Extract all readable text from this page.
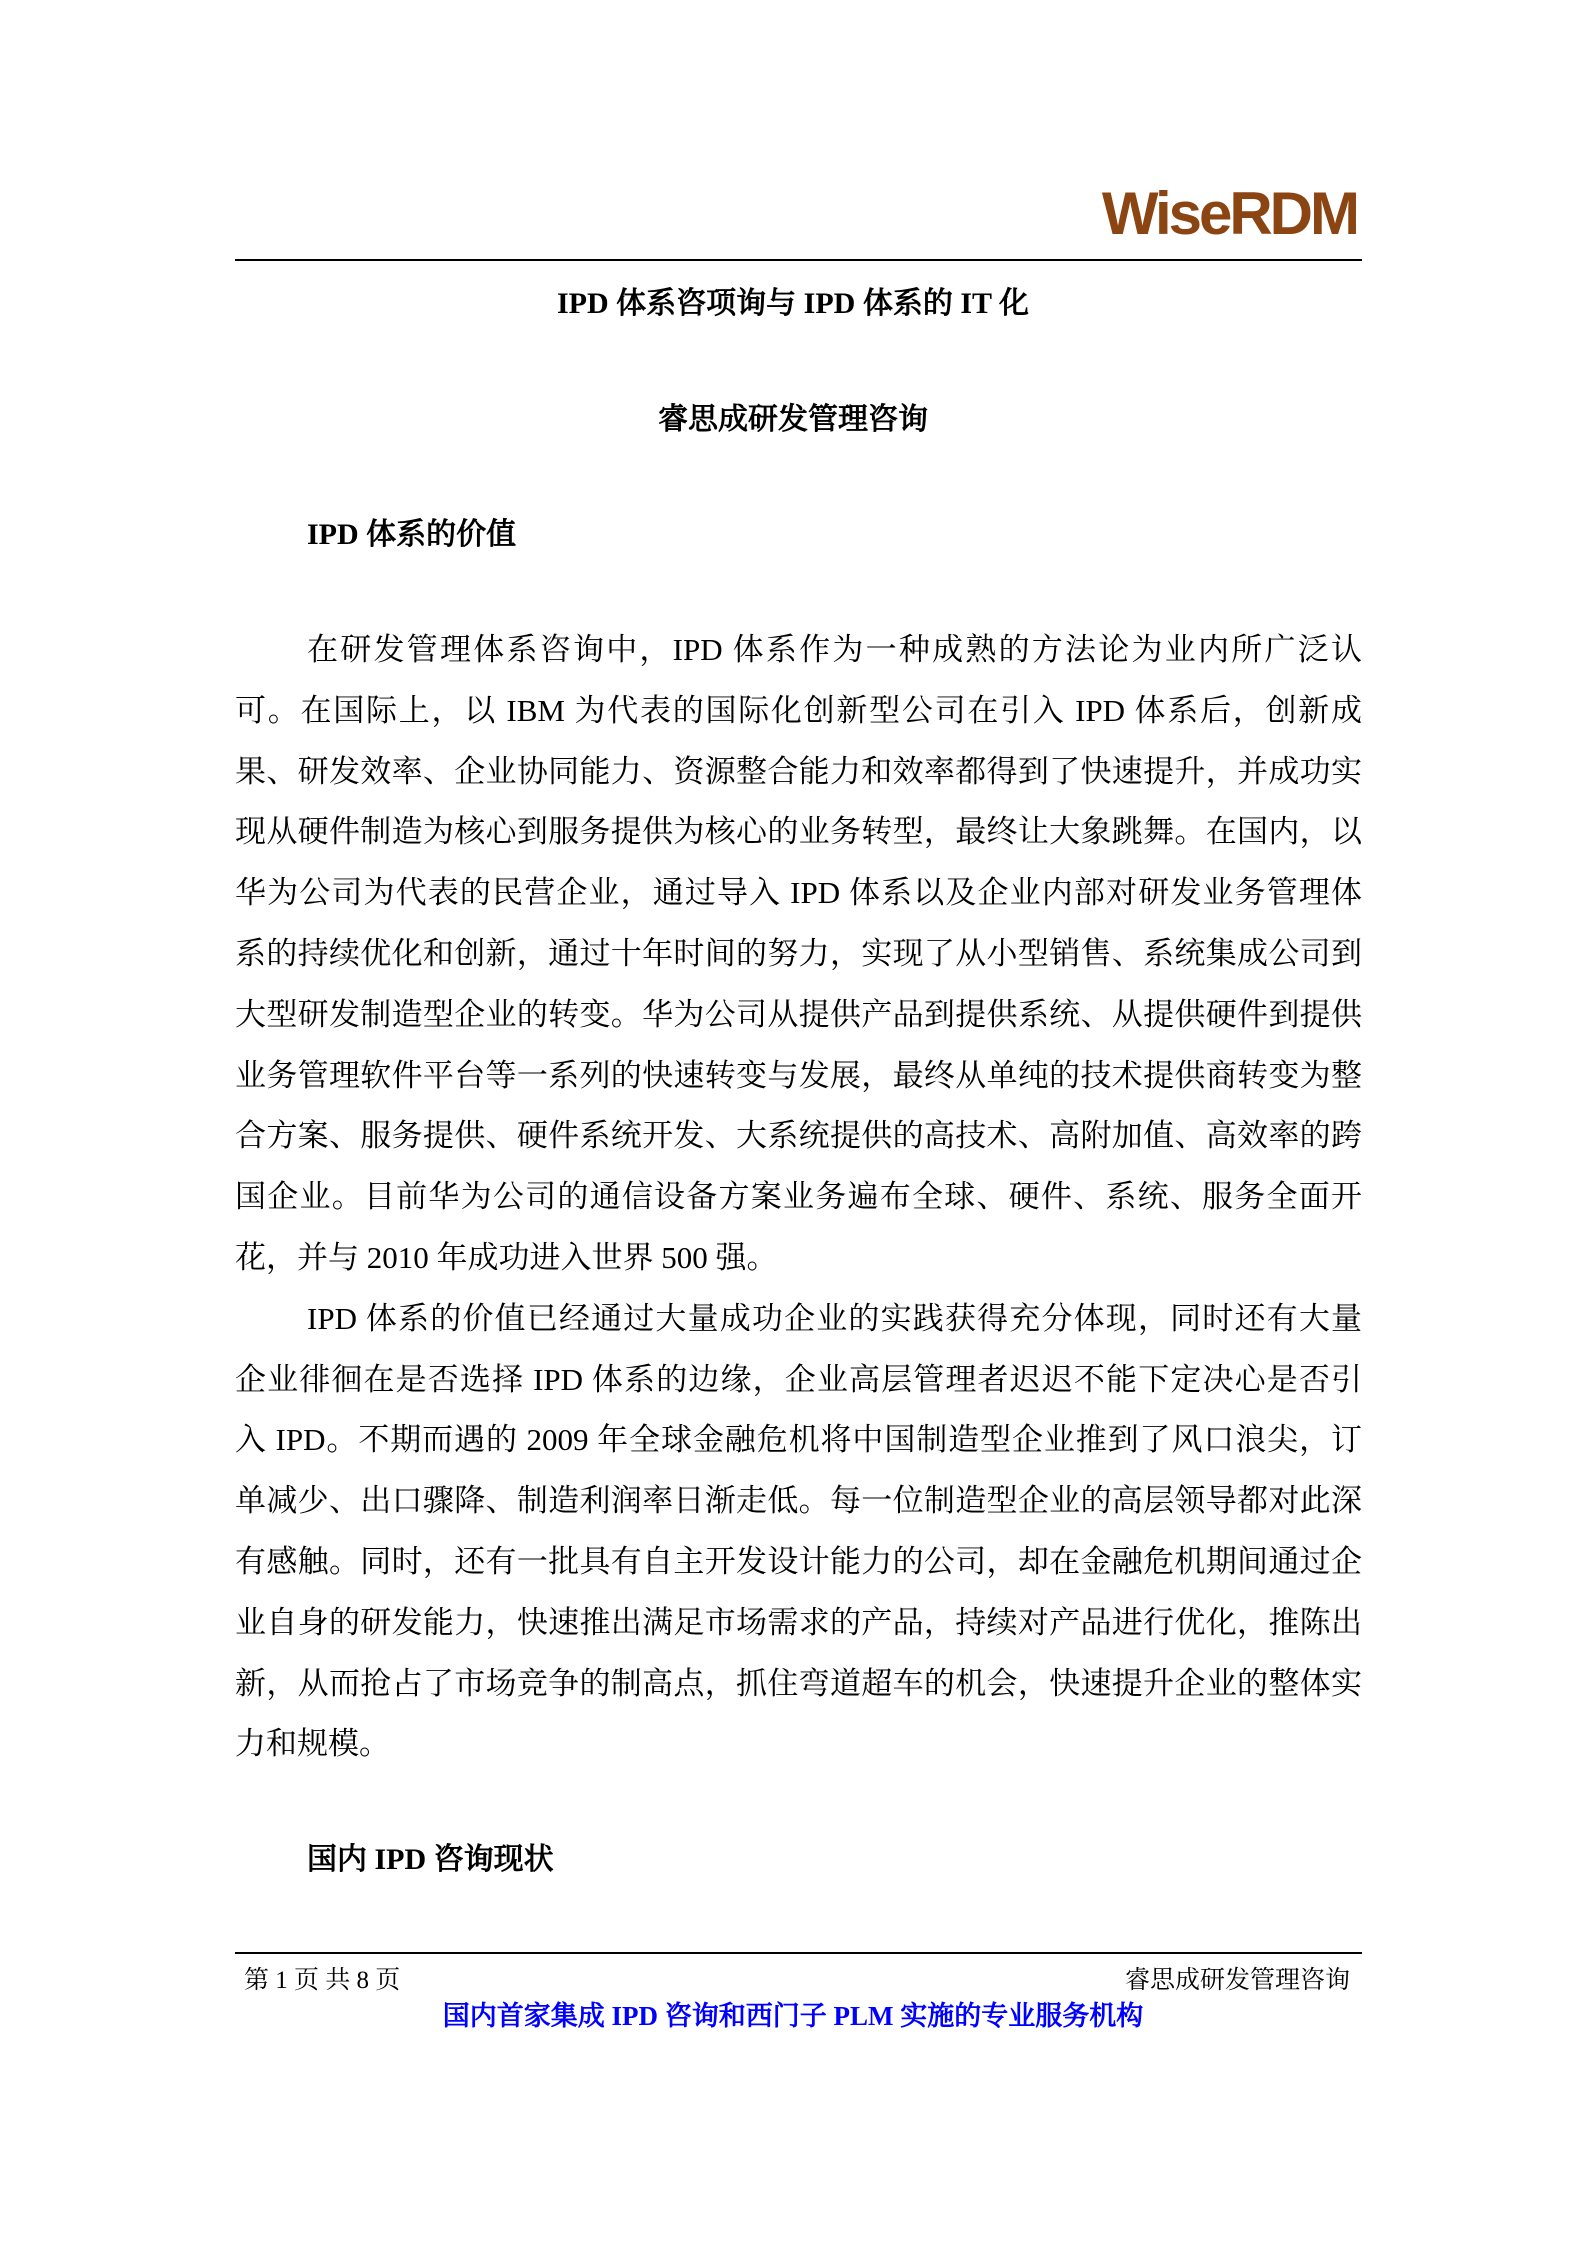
WiseRDM
IPD 体系咨项询与 IPD 体系的 IT 化
睿思成研发管理咨询
IPD 体系的价值
在研发管理体系咨询中，IPD 体系作为一种成熟的方法论为业内所广泛认
可。在国际上，以 IBM 为代表的国际化创新型公司在引入 IPD 体系后，创新成
果、研发效率、企业协同能力、资源整合能力和效率都得到了快速提升，并成功实
现从硬件制造为核心到服务提供为核心的业务转型，最终让大象跳舞。在国内，以
华为公司为代表的民营企业，通过导入 IPD 体系以及企业内部对研发业务管理体
系的持续优化和创新，通过十年时间的努力，实现了从小型销售、系统集成公司到
大型研发制造型企业的转变。华为公司从提供产品到提供系统、从提供硬件到提供
业务管理软件平台等一系列的快速转变与发展，最终从单纯的技术提供商转变为整
合方案、服务提供、硬件系统开发、大系统提供的高技术、高附加值、高效率的跨
国企业。目前华为公司的通信设备方案业务遍布全球、硬件、系统、服务全面开
花，并与 2010 年成功进入世界 500 强。
IPD 体系的价值已经通过大量成功企业的实践获得充分体现，同时还有大量
企业徘徊在是否选择 IPD 体系的边缘，企业高层管理者迟迟不能下定决心是否引
入 IPD。不期而遇的 2009 年全球金融危机将中国制造型企业推到了风口浪尖，订
单减少、出口骤降、制造利润率日渐走低。每一位制造型企业的高层领导都对此深
有感触。同时，还有一批具有自主开发设计能力的公司，却在金融危机期间通过企
业自身的研发能力，快速推出满足市场需求的产品，持续对产品进行优化，推陈出
新，从而抢占了市场竞争的制高点，抓住弯道超车的机会，快速提升企业的整体实
力和规模。
国内 IPD 咨询现状
第 1 页 共 8 页	睿思成研发管理咨询
国内首家集成 IPD 咨询和西门子 PLM 实施的专业服务机构
